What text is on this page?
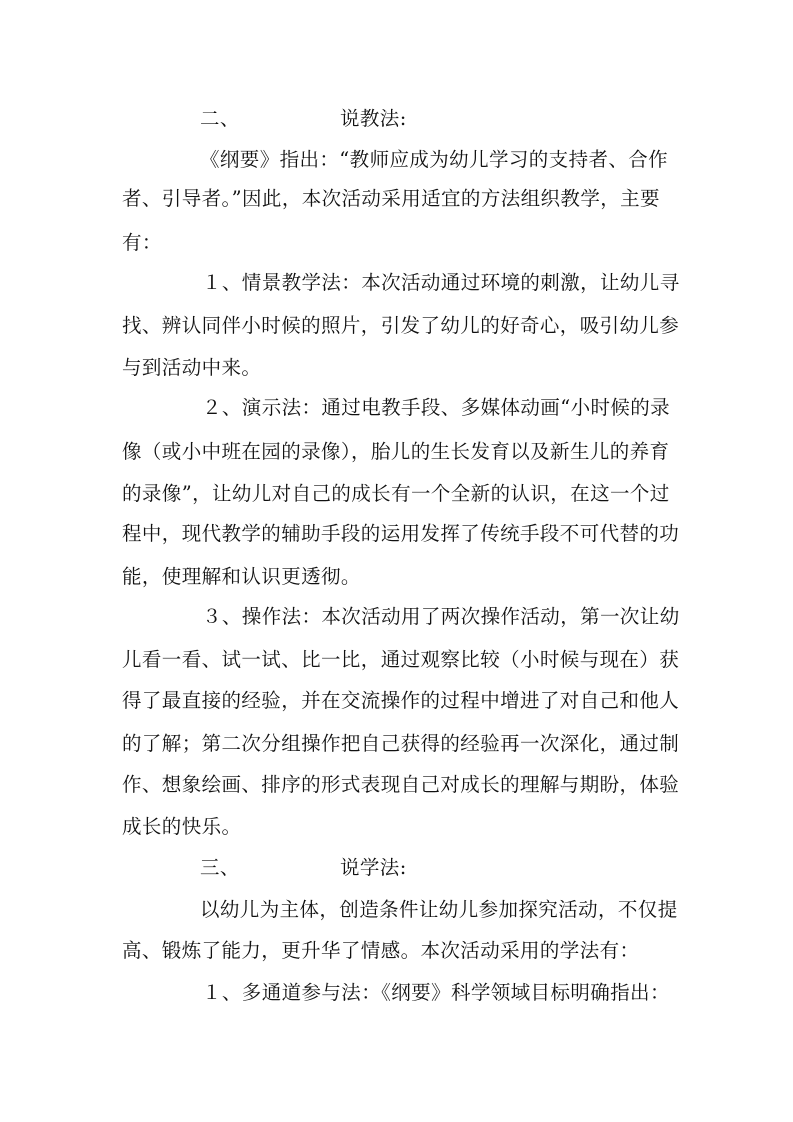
二、	说教法:
《纲要》指出：“教师应成为幼儿学习的支持者、合作
者、引导者。”因此，本次活动采用适宜的方法组织教学，主要
有：
１、情景教学法：本次活动通过环境的刺激，让幼儿寻
找、辨认同伴小时候的照片，引发了幼儿的好奇心，吸引幼儿参
与到活动中来。
２、演示法：通过电教手段、多媒体动画“小时候的录
像（或小中班在园的录像），胎儿的生长发育以及新生儿的养育
的录像”，让幼儿对自己的成长有一个全新的认识，在这一个过
程中，现代教学的辅助手段的运用发挥了传统手段不可代替的功
能，使理解和认识更透彻。
３、操作法：本次活动用了两次操作活动，第一次让幼
儿看一看、试一试、比一比，通过观察比较（小时候与现在）获
得了最直接的经验，并在交流操作的过程中增进了对自己和他人
的了解；第二次分组操作把自己获得的经验再一次深化，通过制
作、想象绘画、排序的形式表现自己对成长的理解与期盼，体验
成长的快乐。
三、	说学法:
以幼儿为主体，创造条件让幼儿参加探究活动，不仅提
高、锻炼了能力，更升华了情感。本次活动采用的学法有：
１、多通道参与法：《纲要》科学领域目标明确指出：
